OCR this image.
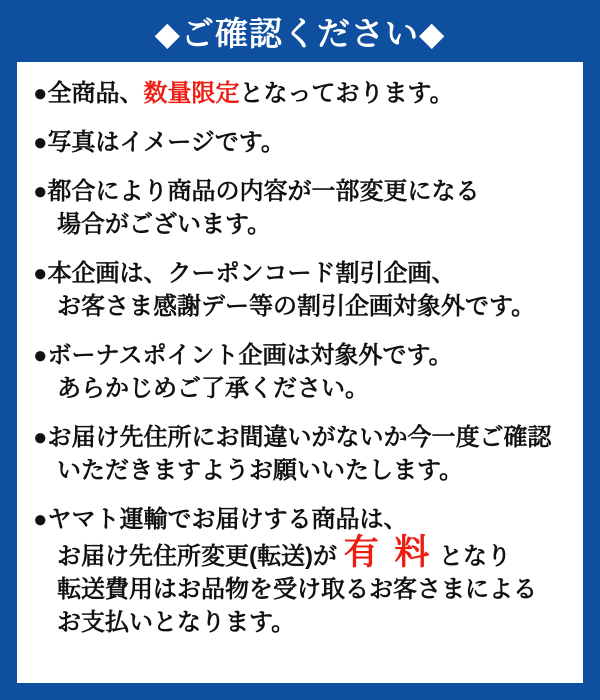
◆ご確認ください◆
●全商品、数量限定となっております。
●写真はイメージです。
●都合により商品の内容が一部変更になる
場合がございます。
●本企画は、クーポンコード割引企画、
お客さま感謝デー等の割引企画対象外です。
●ボーナスポイント企画は対象外です。
あらかじめご了承ください。
●お届け先住所にお間違いがないか今一度ご確認
いただきますようお願いいたします。
●ヤマト運輸でお届けする商品は、
お届け先住所変更(転送)が 有 料 となり
転送費用はお品物を受け取るお客さまによる
お支払いとなります。
